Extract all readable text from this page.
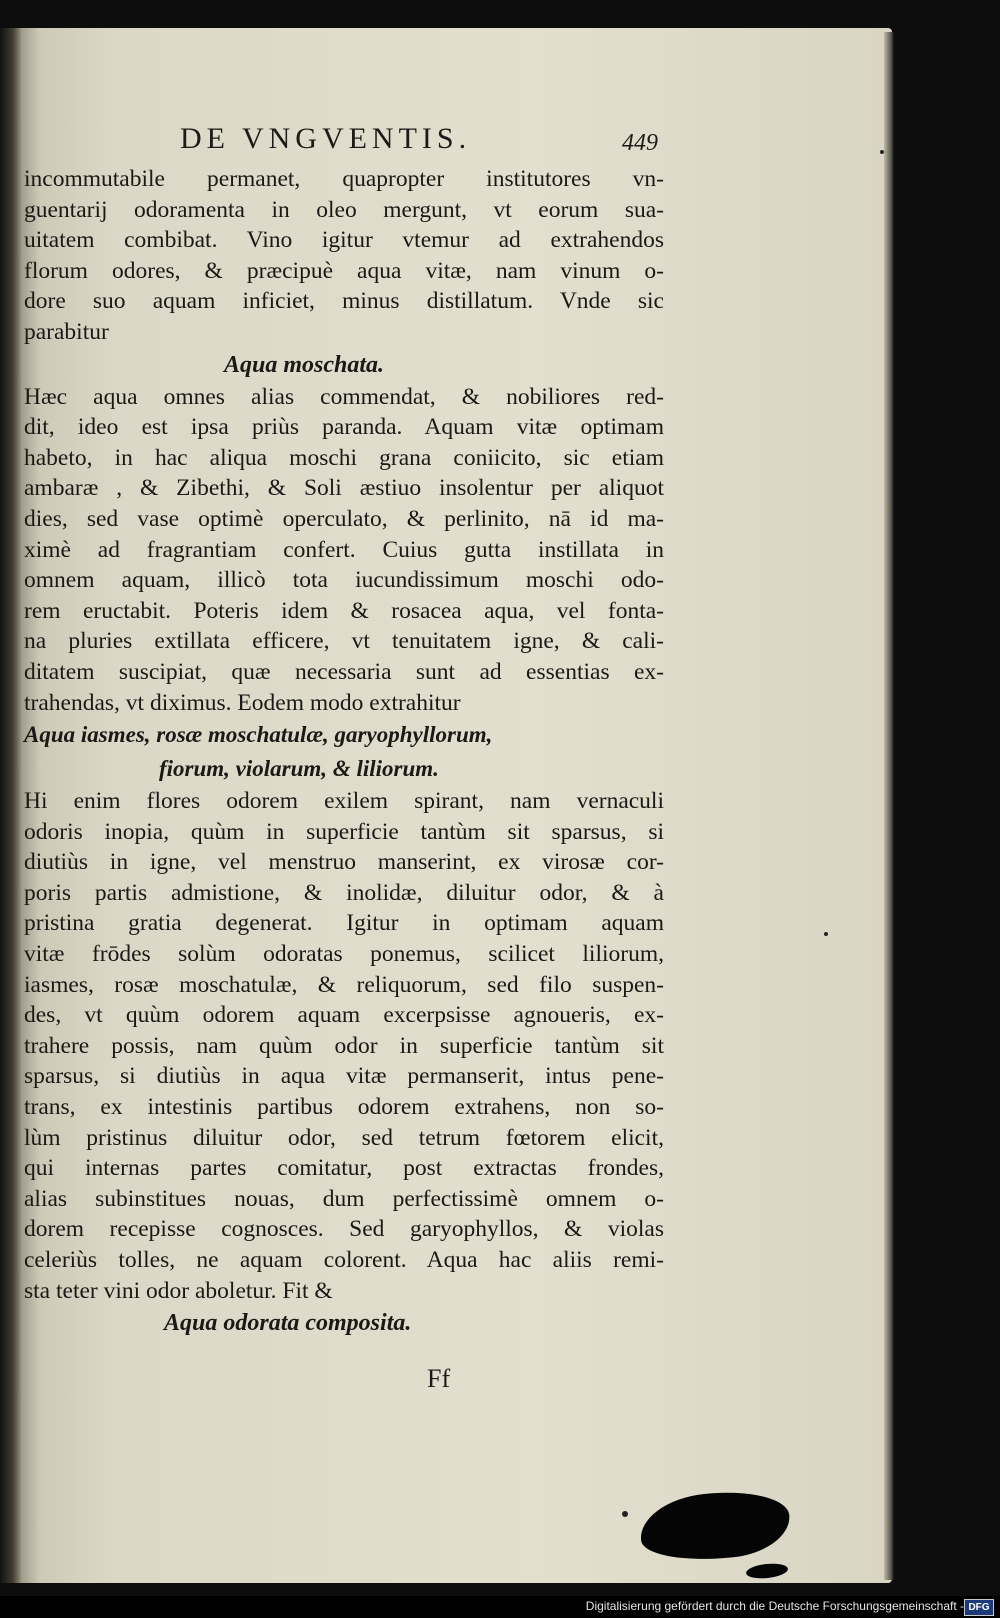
DE VNGVENTIS.	449
incommutabile permanet, quapropter institutores vn-
guentarij odoramenta in oleo mergunt, vt eorum sua-
uitatem combibat. Vino igitur vtemur ad extrahendos
florum odores, & præcipuè aqua vitæ, nam vinum o-
dore suo aquam inficiet, minus distillatum. Vnde sic
parabitur
Aqua moschata.
Hæc aqua omnes alias commendat, & nobiliores red-
dit, ideo est ipsa priùs paranda. Aquam vitæ optimam
habeto, in hac aliqua moschi grana coniicito, sic etiam
ambaræ , & Zibethi, & Soli æstiuo insolentur per aliquot
dies, sed vase optimè operculato, & perlinito, nā id ma-
ximè ad fragrantiam confert. Cuius gutta instillata in
omnem aquam, illicò tota iucundissimum moschi odo-
rem eructabit. Poteris idem & rosacea aqua, vel fonta-
na pluries extillata efficere, vt tenuitatem igne, & cali-
ditatem suscipiat, quæ necessaria sunt ad essentias ex-
trahendas, vt diximus. Eodem modo extrahitur
Aqua iasmes, rosæ moschatulæ, garyophyllorum,
fiorum, violarum, & liliorum.
Hi enim flores odorem exilem spirant, nam vernaculi
odoris inopia, quùm in superficie tantùm sit sparsus, si
diutiùs in igne, vel menstruo manserint, ex virosæ cor-
poris partis admistione, & inolidæ, diluitur odor, & à
pristina gratia degenerat. Igitur in optimam aquam
vitæ frōdes solùm odoratas ponemus, scilicet liliorum,
iasmes, rosæ moschatulæ, & reliquorum, sed filo suspen-
des, vt quùm odorem aquam excerpsisse agnoueris, ex-
trahere possis, nam quùm odor in superficie tantùm sit
sparsus, si diutiùs in aqua vitæ permanserit, intus pene-
trans, ex intestinis partibus odorem extrahens, non so-
lùm pristinus diluitur odor, sed tetrum fœtorem elicit,
qui internas partes comitatur, post extractas frondes,
alias subinstitues nouas, dum perfectissimè omnem o-
dorem recepisse cognosces. Sed garyophyllos, & violas
celeriùs tolles, ne aquam colorent. Aqua hac aliis remi-
sta teter vini odor aboletur. Fit &
Aqua odorata composita.
Ff
Digitalisierung gefördert durch die Deutsche Forschungsgemeinschaft - DFG
